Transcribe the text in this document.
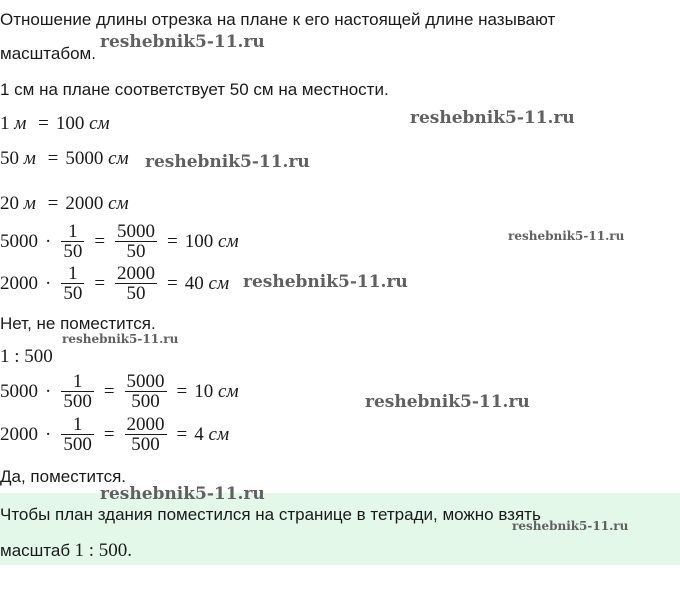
Отношение длины отрезка на плане к его настоящей длине называют
масштабом.
1 см на плане соответствует 50 см на местности.
1 м = 100 см
50 м = 5000 см
20 м = 2000 см
$5000 \cdot \frac{1}{50} = \frac{5000}{50} = 100$
см
$2000 \cdot \frac{1}{50} = \frac{2000}{50} = 40$
см
Нет, не поместится.
1 : 500
$5000 \cdot \frac{1}{500} = \frac{5000}{500} = 10$
см
$2000 \cdot \frac{1}{500} = \frac{2000}{500} = 4$
см
Да, поместится.
Чтобы план здания поместился на странице в тетради, можно взять
масштаб 1 : 500.
reshebnik5-11.ru
reshebnik5-11.ru
reshebnik5-11.ru
reshebnik5-11.ru
reshebnik5-11.ru
reshebnik5-11.ru
reshebnik5-11.ru
reshebnik5-11.ru
reshebnik5-11.ru
